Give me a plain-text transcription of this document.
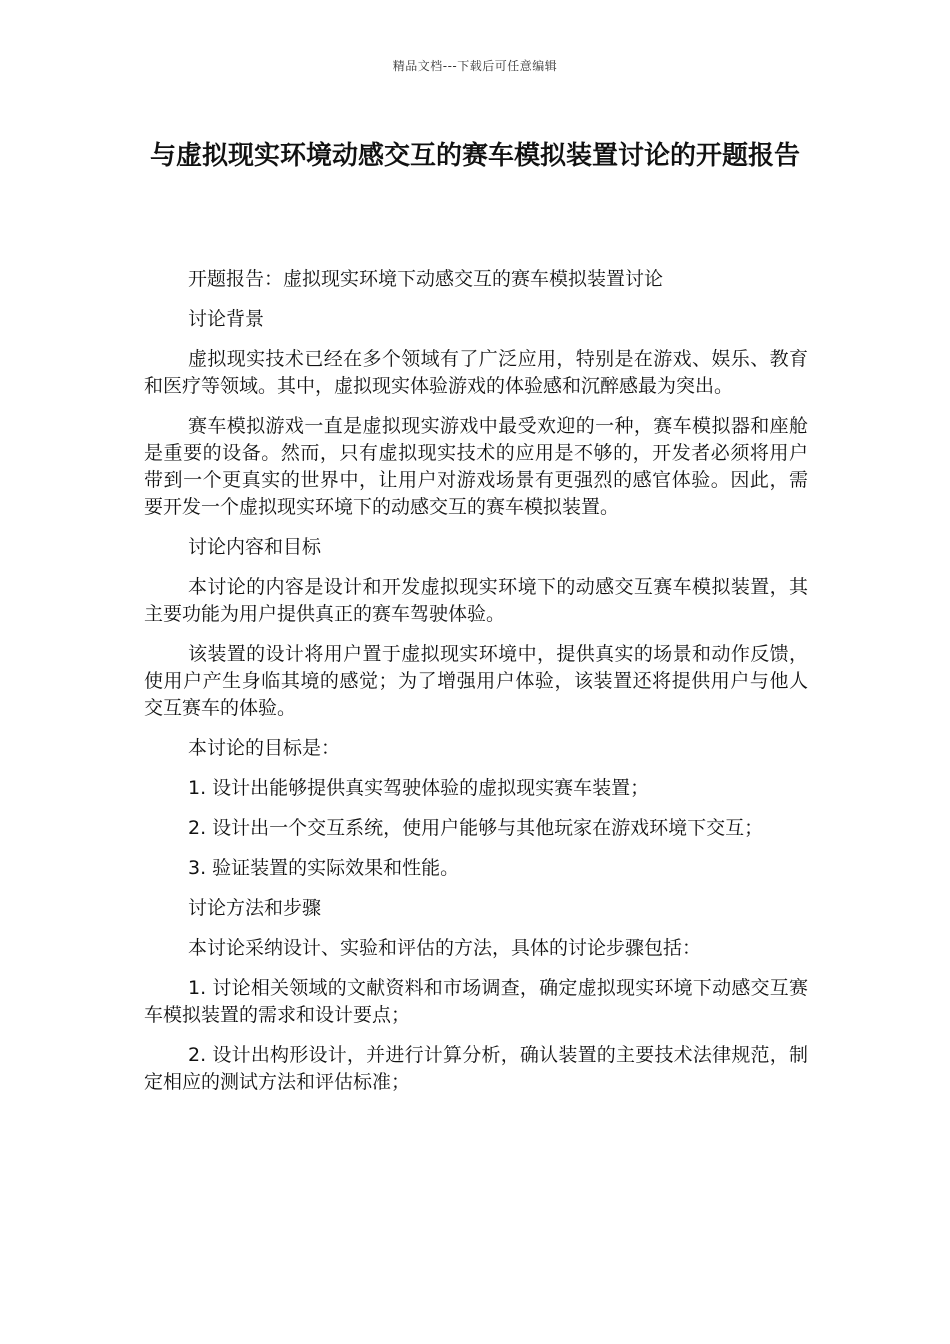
精品文档---下载后可任意编辑
与虚拟现实环境动感交互的赛车模拟装置讨论的开题报告

开题报告：虚拟现实环境下动感交互的赛车模拟装置讨论

讨论背景

虚拟现实技术已经在多个领域有了广泛应用，特别是在游戏、娱乐、教育和医疗等领域。其中，虚拟现实体验游戏的体验感和沉醉感最为突出。

赛车模拟游戏一直是虚拟现实游戏中最受欢迎的一种，赛车模拟器和座舱是重要的设备。然而，只有虚拟现实技术的应用是不够的，开发者必须将用户带到一个更真实的世界中，让用户对游戏场景有更强烈的感官体验。因此，需要开发一个虚拟现实环境下的动感交互的赛车模拟装置。

讨论内容和目标

本讨论的内容是设计和开发虚拟现实环境下的动感交互赛车模拟装置，其主要功能为用户提供真正的赛车驾驶体验。

该装置的设计将用户置于虚拟现实环境中，提供真实的场景和动作反馈，使用户产生身临其境的感觉；为了增强用户体验，该装置还将提供用户与他人交互赛车的体验。

本讨论的目标是：

1. 设计出能够提供真实驾驶体验的虚拟现实赛车装置；

2. 设计出一个交互系统，使用户能够与其他玩家在游戏环境下交互；

3. 验证装置的实际效果和性能。

讨论方法和步骤

本讨论采纳设计、实验和评估的方法，具体的讨论步骤包括：

1. 讨论相关领域的文献资料和市场调查，确定虚拟现实环境下动感交互赛车模拟装置的需求和设计要点；

2. 设计出构形设计，并进行计算分析，确认装置的主要技术法律规范，制定相应的测试方法和评估标准；
